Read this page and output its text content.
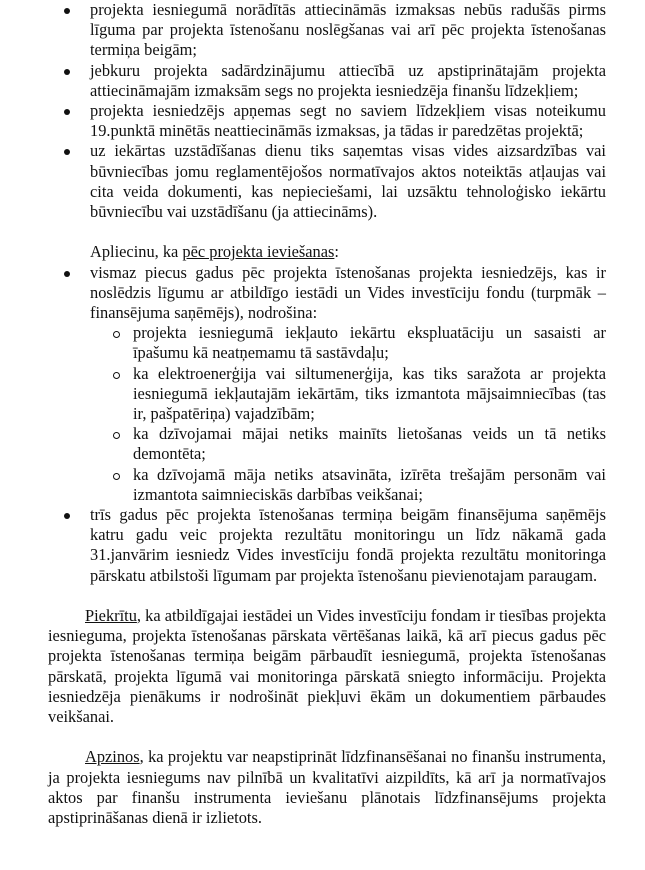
projekta iesniegumā norādītās attiecināmās izmaksas nebūs radušās pirms līguma par projekta īstenošanu noslēgšanas vai arī pēc projekta īstenošanas termiņa beigām;
jebkuru projekta sadārdzinājumu attiecībā uz apstiprinātajām projekta attiecināmajām izmaksām segs no projekta iesniedzēja finanšu līdzekļiem;
projekta iesniedzējs apņemas segt no saviem līdzekļiem visas noteikumu 19.punktā minētās neattiecināmās izmaksas, ja tādas ir paredzētas projektā;
uz iekārtas uzstādīšanas dienu tiks saņemtas visas vides aizsardzības vai būvniecības jomu reglamentējošos normatīvajos aktos noteiktās atļaujas vai cita veida dokumenti, kas nepieciešami, lai uzsāktu tehnoloģisko iekārtu būvniecību vai uzstādīšanu (ja attiecināms).

Apliecinu, ka pēc projekta ieviešanas:

vismaz piecus gadus pēc projekta īstenošanas projekta iesniedzējs, kas ir noslēdzis līgumu ar atbildīgo iestādi un Vides investīciju fondu (turpmāk – finansējuma saņēmējs), nodrošina:
projekta iesniegumā iekļauto iekārtu ekspluatāciju un sasaisti ar īpašumu kā neatņemamu tā sastāvdaļu;
ka elektroenerģija vai siltumenerģija, kas tiks saražota ar projekta iesniegumā iekļautajām iekārtām, tiks izmantota mājsaimniecības (tas ir, pašpatēriņa) vajadzībām;
ka dzīvojamai mājai netiks mainīts lietošanas veids un tā netiks demontēta;
ka dzīvojamā māja netiks atsavināta, izīrēta trešajām personām vai izmantota saimnieciskās darbības veikšanai;
trīs gadus pēc projekta īstenošanas termiņa beigām finansējuma saņēmējs katru gadu veic projekta rezultātu monitoringu un līdz nākamā gada 31.janvārim iesniedz Vides investīciju fondā projekta rezultātu monitoringa pārskatu atbilstoši līgumam par projekta īstenošanu pievienotajam paraugam.

Piekrītu, ka atbildīgajai iestādei un Vides investīciju fondam ir tiesības projekta iesnieguma, projekta īstenošanas pārskata vērtēšanas laikā, kā arī piecus gadus pēc projekta īstenošanas termiņa beigām pārbaudīt iesniegumā, projekta īstenošanas pārskatā, projekta līgumā vai monitoringa pārskatā sniegto informāciju. Projekta iesniedzēja pienākums ir nodrošināt piekļuvi ēkām un dokumentiem pārbaudes veikšanai.

Apzinos, ka projektu var neapstiprināt līdzfinansēšanai no finanšu instrumenta, ja projekta iesniegums nav pilnībā un kvalitatīvi aizpildīts, kā arī ja normatīvajos aktos par finanšu instrumenta ieviešanu plānotais līdzfinansējums projekta apstiprināšanas dienā ir izlietots.
